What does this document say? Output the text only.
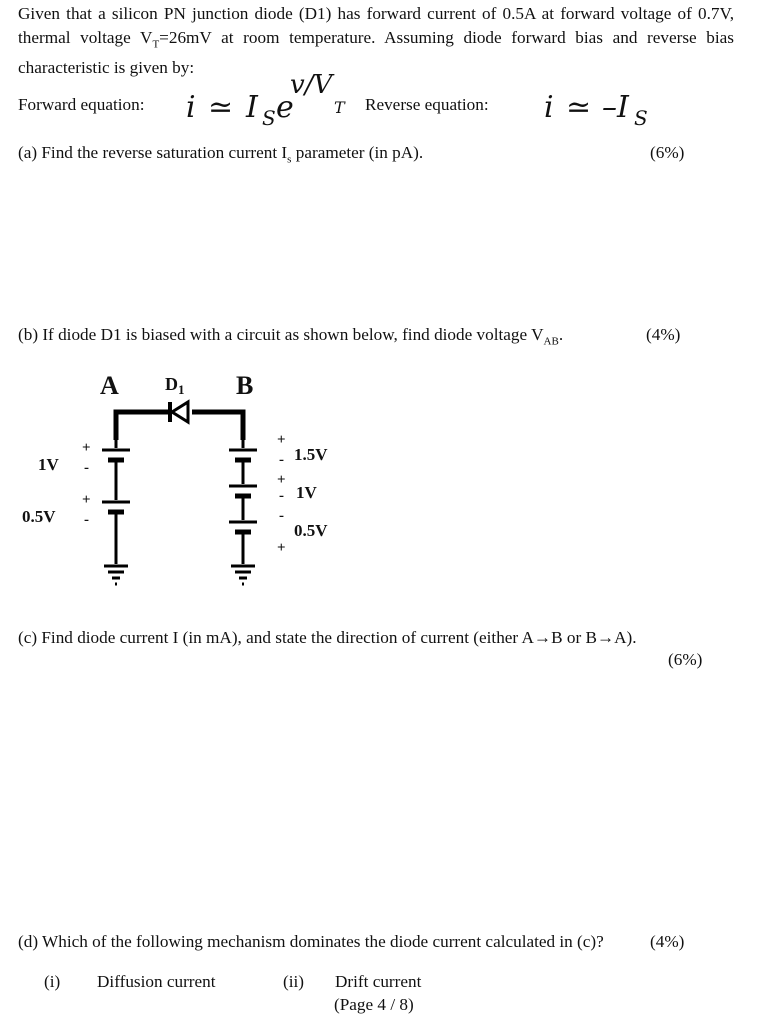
Given that a silicon PN junction diode (D1) has forward current of 0.5A at forward voltage of 0.7V,
thermal voltage $V_T=26mV$ at room temperature. Assuming diode forward bias and reverse bias
characteristic is given by:
Forward equation: i ≃ I S e
v/V
T Reverse equation: i ≃ –I S
(a) Find the reverse saturation current $I_s$ parameter (in pA).	(6%)
(b) If diode D1 is biased with a circuit as shown below, find diode voltage $V_{AB}$.	(4%)
A	$D_1$ B
1V
0.5V
+
-
+
-
1.5V
1V
0.5V
+
-
+
-
-
+
(c) Find diode current I (in mA), and state the direction of current (either A→B or B→A).
(6%)
(d) Which of the following mechanism dominates the diode current calculated in (c)?	(4%)
(i) Diffusion current	(ii) Drift current
(Page 4 / 8)
